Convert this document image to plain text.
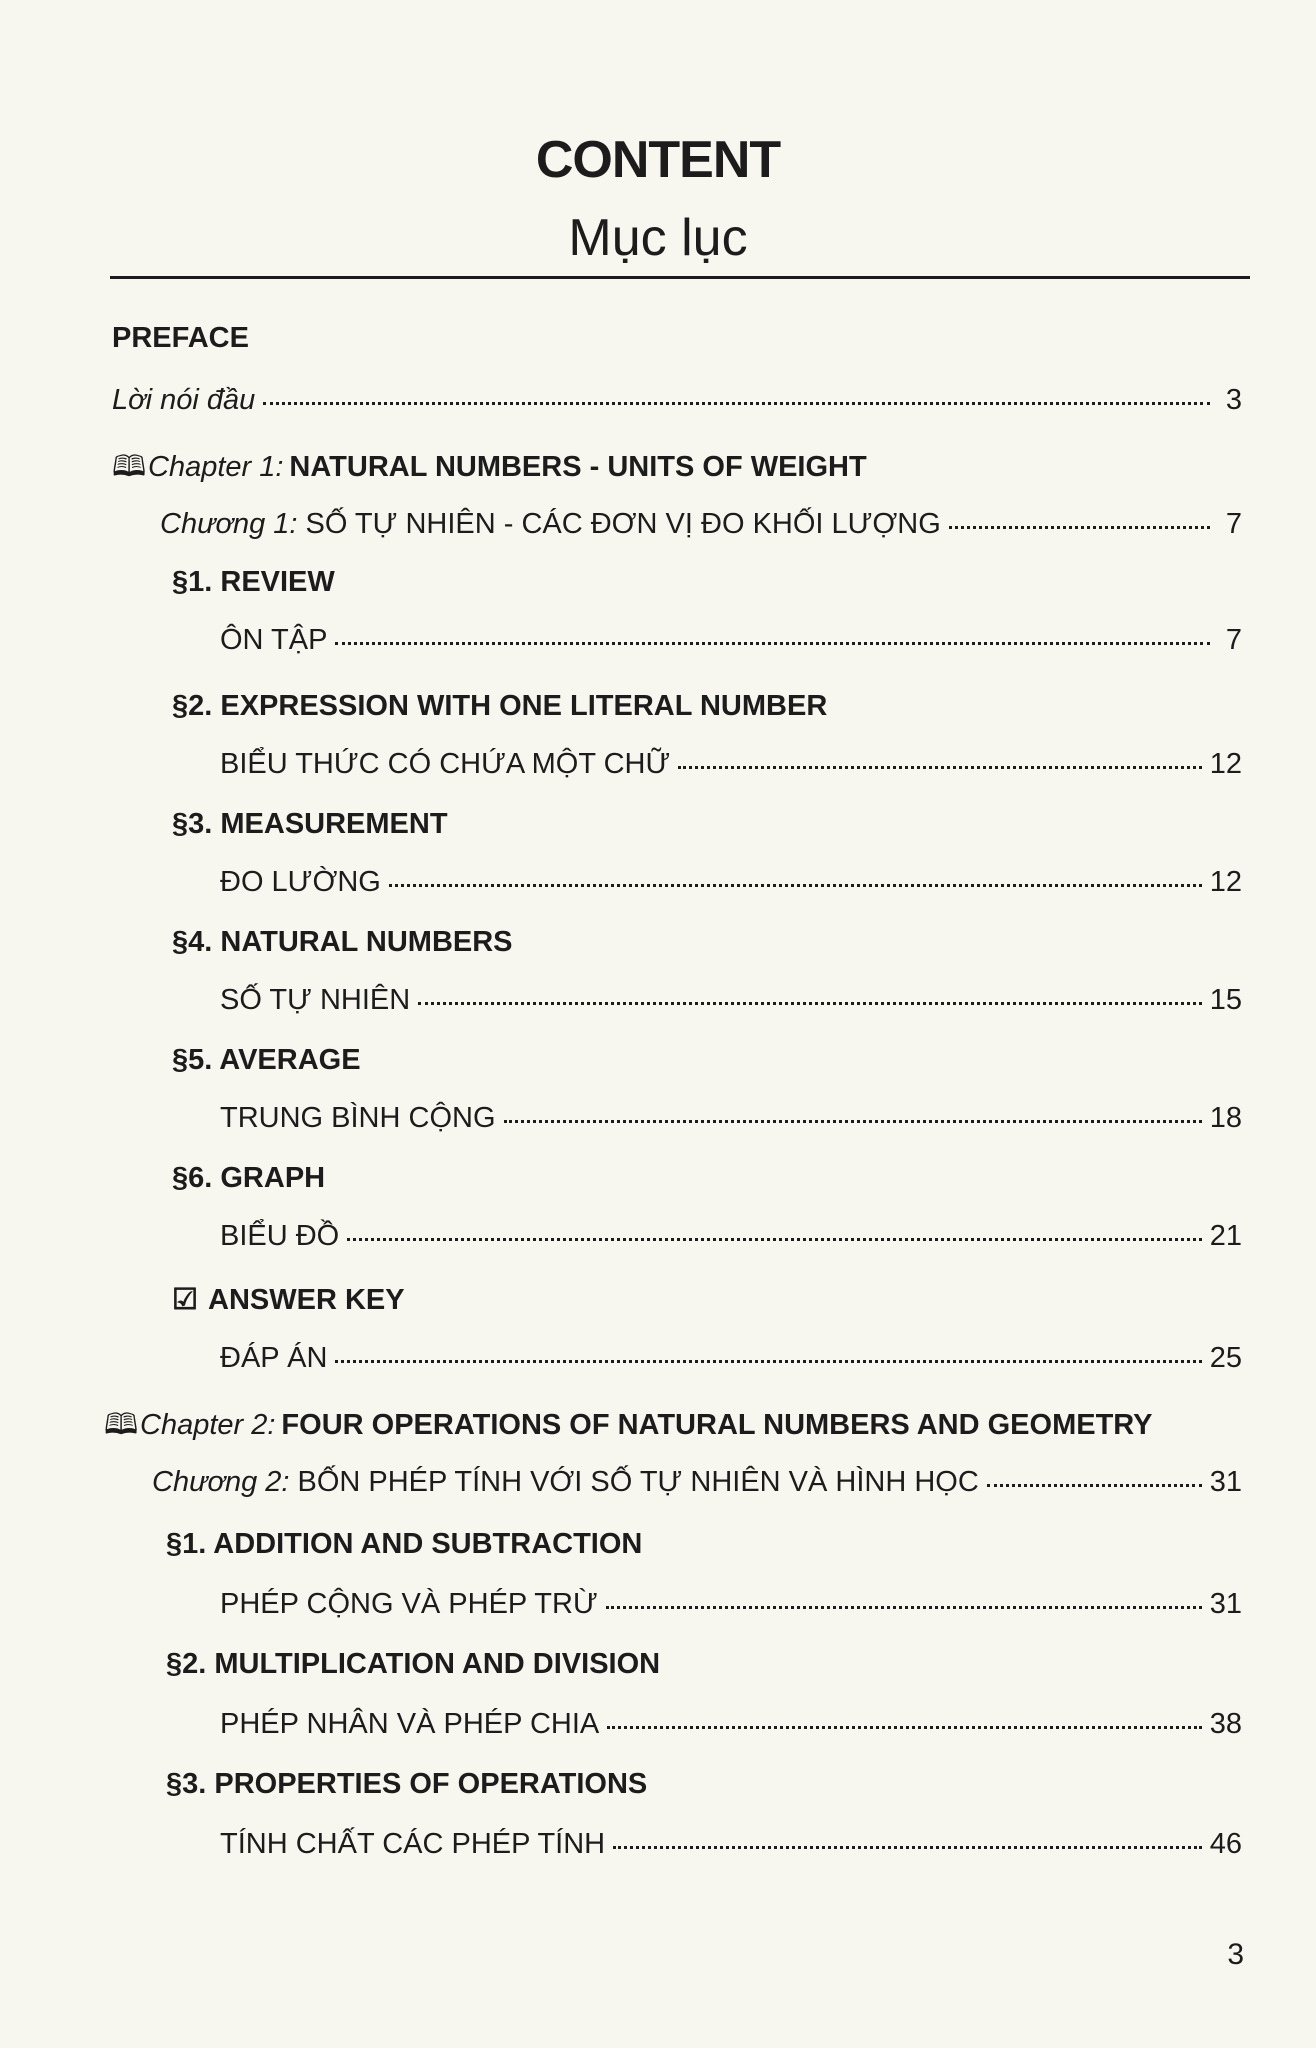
CONTENT
Mục lục
PREFACE
Lời nói đầu	3
🕮 Chapter 1: NATURAL NUMBERS - UNITS OF WEIGHT
Chương 1: SỐ TỰ NHIÊN - CÁC ĐƠN VỊ ĐO KHỐI LƯỢNG	7
§1. REVIEW
ÔN TẬP	7
§2. EXPRESSION WITH ONE LITERAL NUMBER
BIỂU THỨC CÓ CHỨA MỘT CHỮ	12
§3. MEASUREMENT
ĐO LƯỜNG	12
§4. NATURAL NUMBERS
SỐ TỰ NHIÊN	15
§5. AVERAGE
TRUNG BÌNH CỘNG	18
§6. GRAPH
BIỂU ĐỒ	21
☑ ANSWER KEY
ĐÁP ÁN	25
🕮 Chapter 2: FOUR OPERATIONS OF NATURAL NUMBERS AND GEOMETRY
Chương 2: BỐN PHÉP TÍNH VỚI SỐ TỰ NHIÊN VÀ HÌNH HỌC	31
§1. ADDITION AND SUBTRACTION
PHÉP CỘNG VÀ PHÉP TRỪ	31
§2. MULTIPLICATION AND DIVISION
PHÉP NHÂN VÀ PHÉP CHIA	38
§3. PROPERTIES OF OPERATIONS
TÍNH CHẤT CÁC PHÉP TÍNH	46
3
